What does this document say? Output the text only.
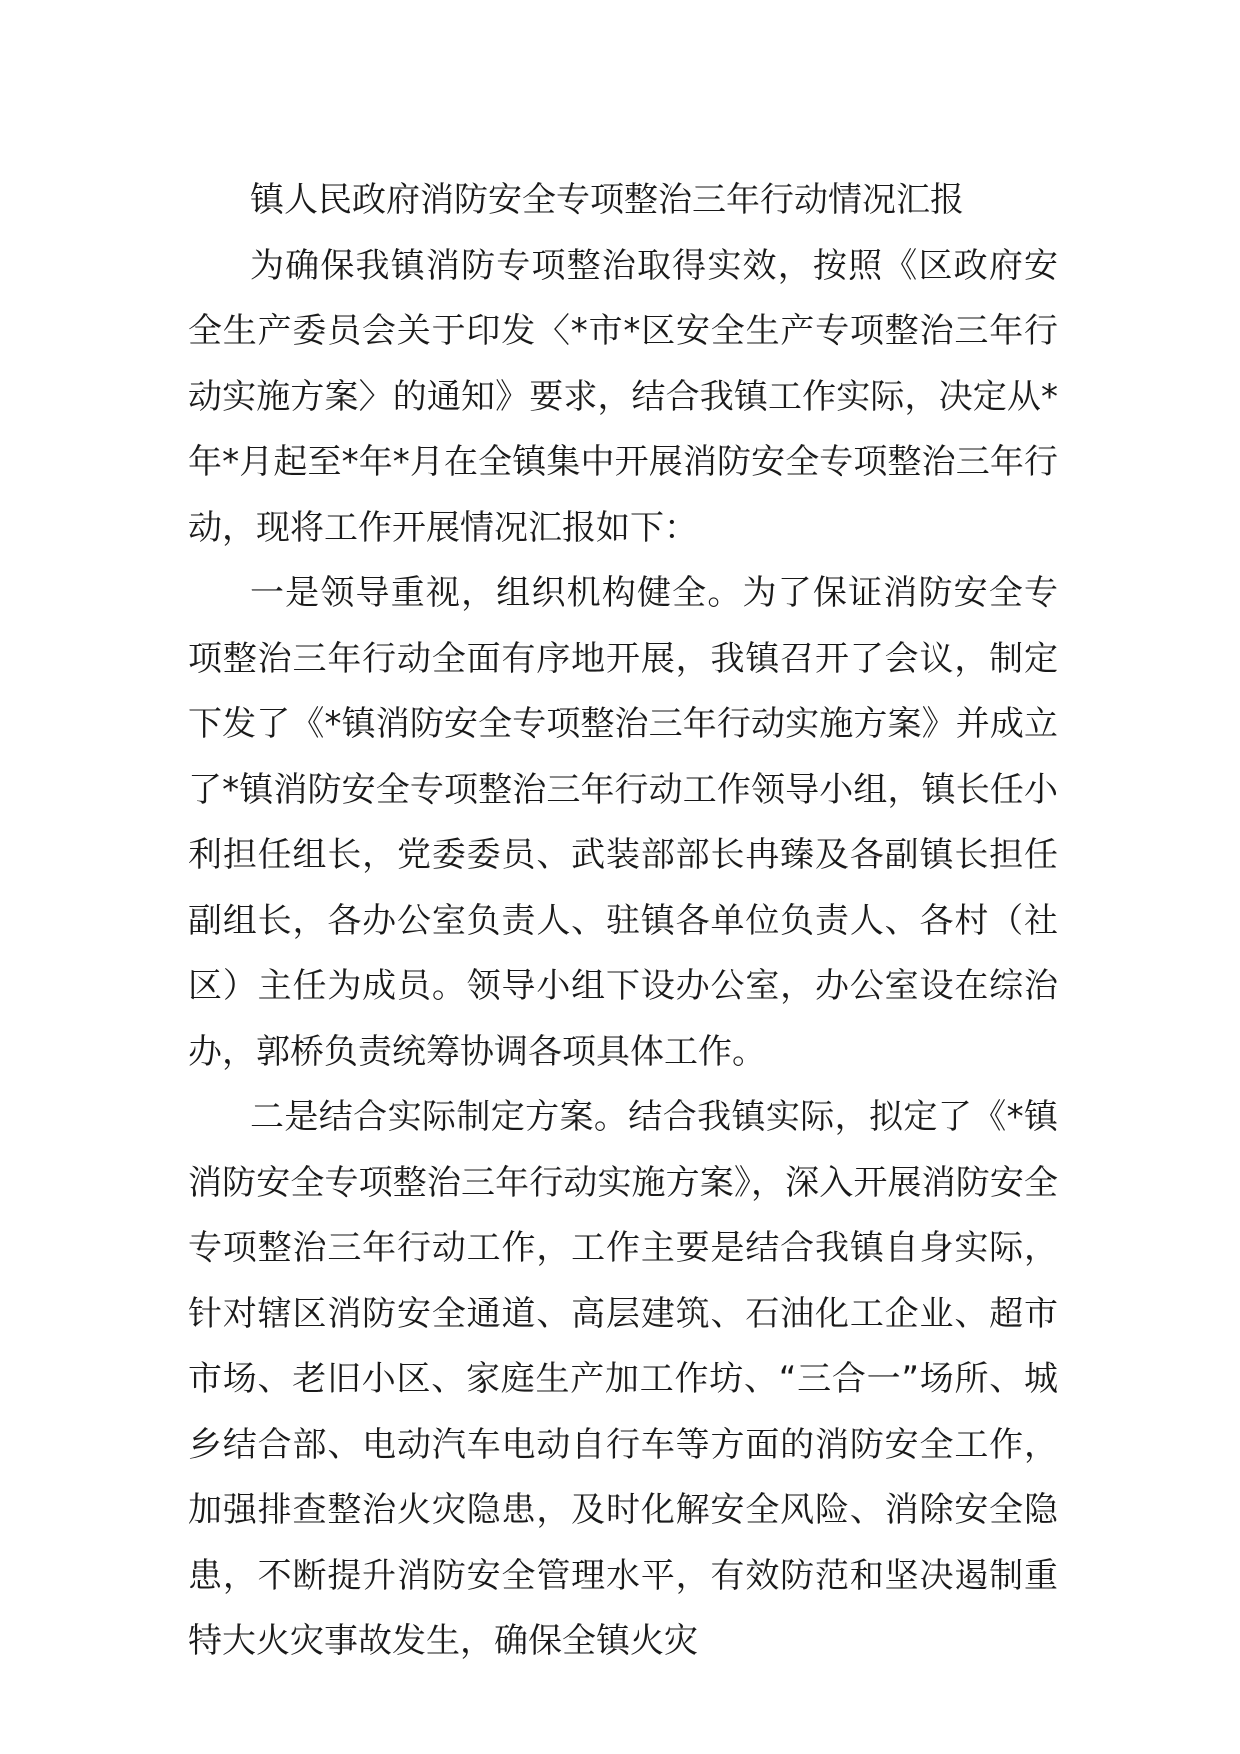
镇人民政府消防安全专项整治三年行动情况汇报

为确保我镇消防专项整治取得实效，按照《区政府安全生产委员会关于印发〈*市*区安全生产专项整治三年行动实施方案〉的通知》要求，结合我镇工作实际，决定从*年*月起至*年*月在全镇集中开展消防安全专项整治三年行动，现将工作开展情况汇报如下：

一是领导重视，组织机构健全。为了保证消防安全专项整治三年行动全面有序地开展，我镇召开了会议，制定下发了《*镇消防安全专项整治三年行动实施方案》并成立了*镇消防安全专项整治三年行动工作领导小组，镇长任小利担任组长，党委委员、武装部部长冉臻及各副镇长担任副组长，各办公室负责人、驻镇各单位负责人、各村（社区）主任为成员。领导小组下设办公室，办公室设在综治办，郭桥负责统筹协调各项具体工作。

二是结合实际制定方案。结合我镇实际，拟定了《*镇消防安全专项整治三年行动实施方案》，深入开展消防安全专项整治三年行动工作，工作主要是结合我镇自身实际，针对辖区消防安全通道、高层建筑、石油化工企业、超市市场、老旧小区、家庭生产加工作坊、“三合一”场所、城乡结合部、电动汽车电动自行车等方面的消防安全工作，加强排查整治火灾隐患，及时化解安全风险、消除安全隐患，不断提升消防安全管理水平，有效防范和坚决遏制重特大火灾事故发生，确保全镇火灾
